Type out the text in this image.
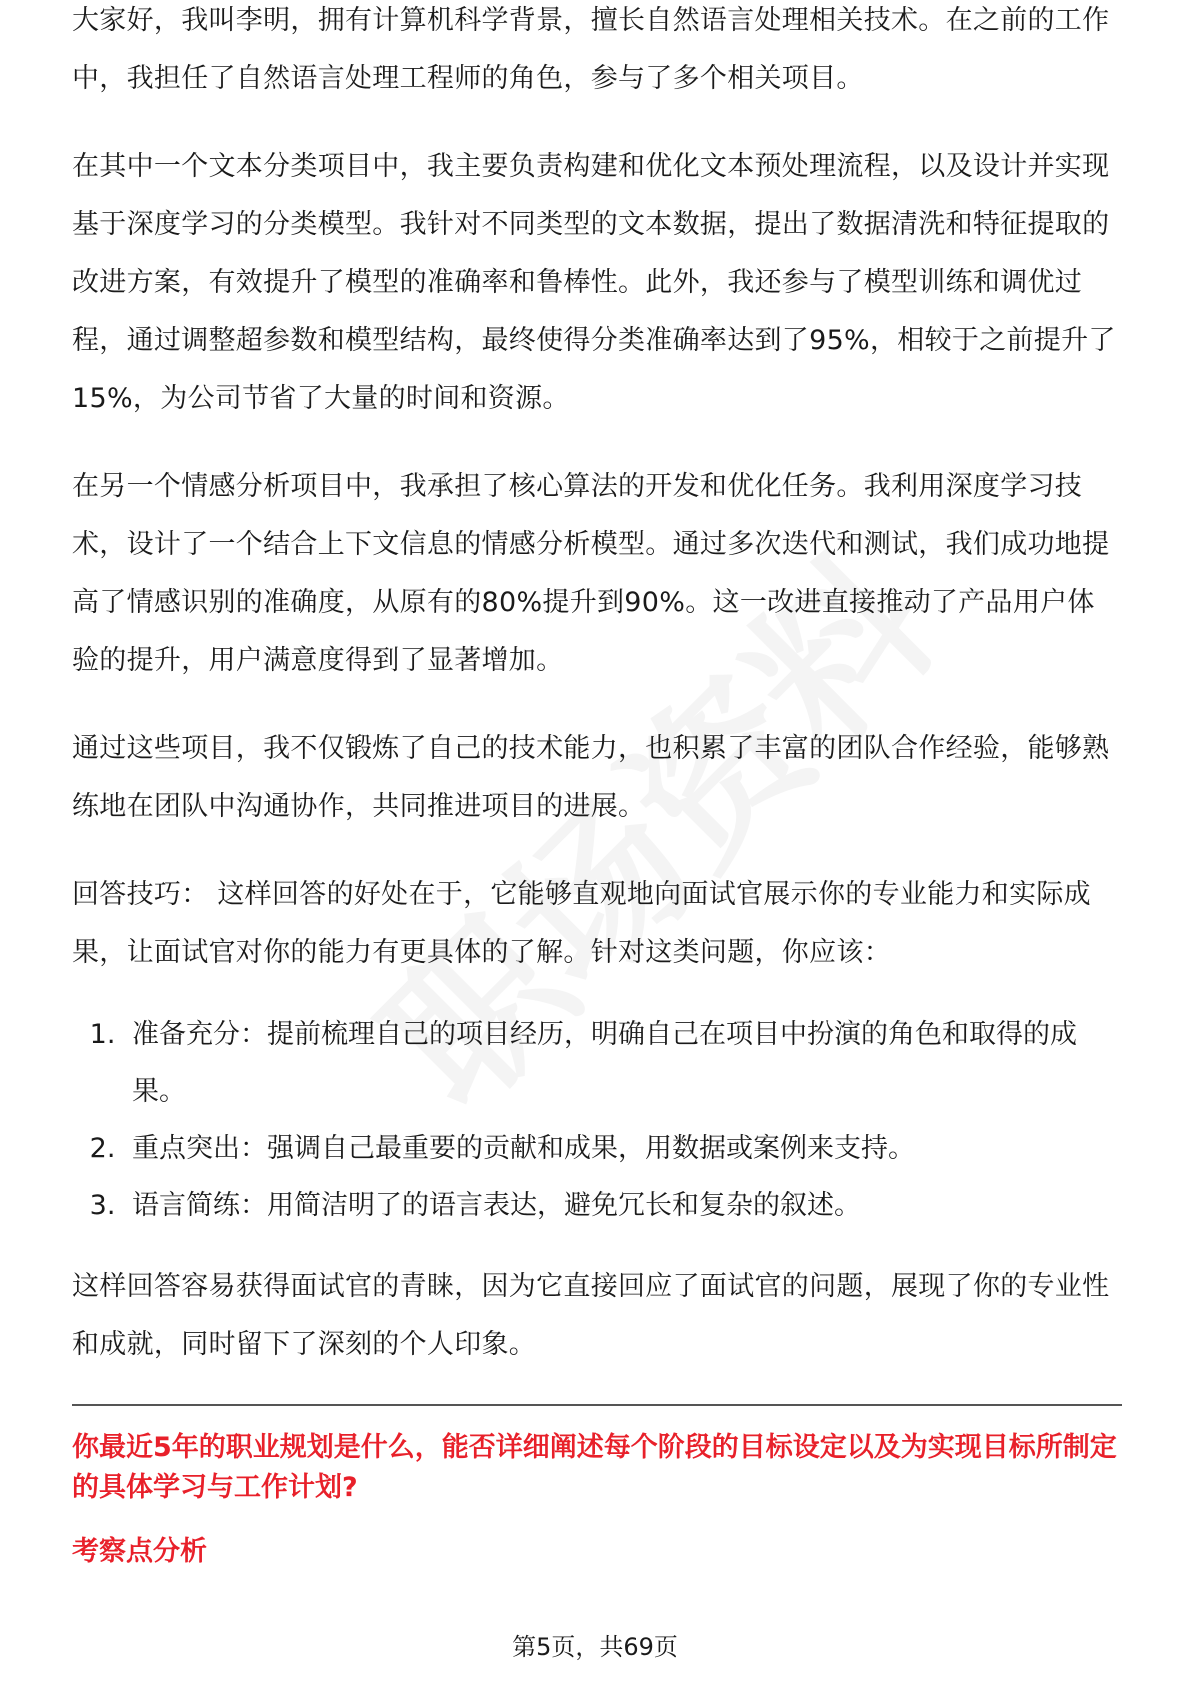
大家好，我叫李明，拥有计算机科学背景，擅长自然语言处理相关技术。在之前的工作中，我担任了自然语言处理工程师的角色，参与了多个相关项目。

在其中一个文本分类项目中，我主要负责构建和优化文本预处理流程，以及设计并实现基于深度学习的分类模型。我针对不同类型的文本数据，提出了数据清洗和特征提取的改进方案，有效提升了模型的准确率和鲁棒性。此外，我还参与了模型训练和调优过程，通过调整超参数和模型结构，最终使得分类准确率达到了95%，相较于之前提升了15%，为公司节省了大量的时间和资源。

在另一个情感分析项目中，我承担了核心算法的开发和优化任务。我利用深度学习技术，设计了一个结合上下文信息的情感分析模型。通过多次迭代和测试，我们成功地提高了情感识别的准确度，从原有的80%提升到90%。这一改进直接推动了产品用户体验的提升，用户满意度得到了显著增加。

通过这些项目，我不仅锻炼了自己的技术能力，也积累了丰富的团队合作经验，能够熟练地在团队中沟通协作，共同推进项目的进展。

回答技巧： 这样回答的好处在于，它能够直观地向面试官展示你的专业能力和实际成果，让面试官对你的能力有更具体的了解。针对这类问题，你应该：

1. 准备充分：提前梳理自己的项目经历，明确自己在项目中扮演的角色和取得的成果。
2. 重点突出：强调自己最重要的贡献和成果，用数据或案例来支持。
3. 语言简练：用简洁明了的语言表达，避免冗长和复杂的叙述。

这样回答容易获得面试官的青睐，因为它直接回应了面试官的问题，展现了你的专业性和成就，同时留下了深刻的个人印象。

你最近5年的职业规划是什么，能否详细阐述每个阶段的目标设定以及为实现目标所制定的具体学习与工作计划?
考察点分析
第5页，共69页
